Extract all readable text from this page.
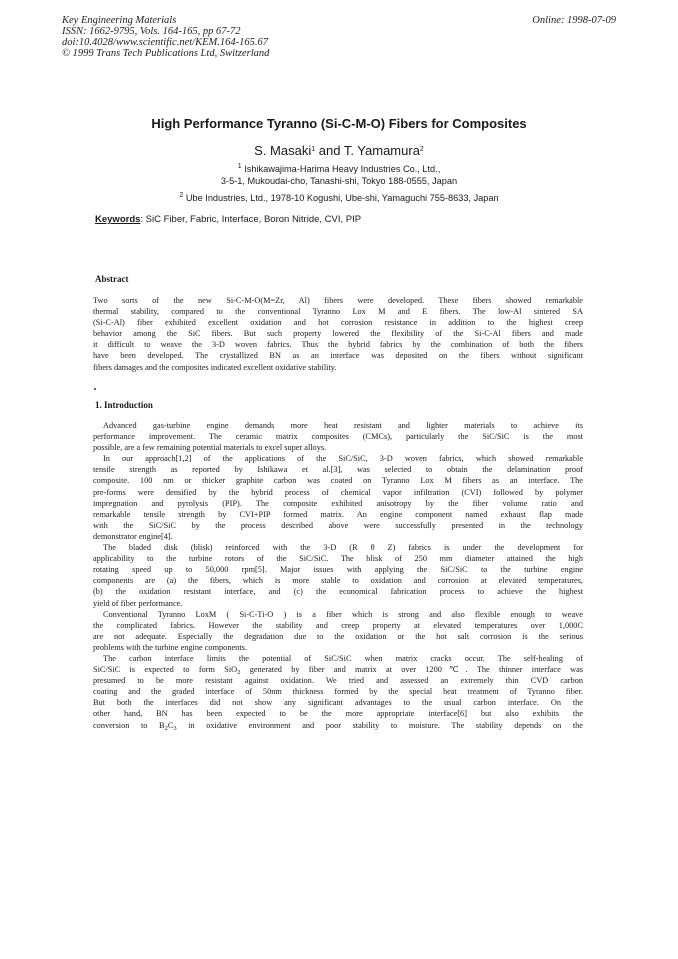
Key Engineering Materials
ISSN: 1662-9795, Vols. 164-165, pp 67-72
doi:10.4028/www.scientific.net/KEM.164-165.67
© 1999 Trans Tech Publications Ltd, Switzerland
Online: 1998-07-09
High Performance Tyranno (Si-C-M-O) Fibers for Composites
S. Masaki$^1$ and T. Yamamura$^2$
$^1$ Ishikawajima-Harima Heavy Industries Co., Ltd.,
3-5-1, Mukoudai-cho, Tanashi-shi, Tokyo 188-0555, Japan
$^2$ Ube Industries, Ltd., 1978-10 Kogushi, Ube-shi, Yamaguchi 755-8633, Japan
Keywords: SiC Fiber, Fabric, Interface, Boron Nitride, CVI, PIP
Abstract
Two sorts of the new Si-C-M-O(M=Zr, Al) fibers were developed. These fibers showed remarkable
thermal stability, compared to the conventional Tyranno Lox M and E fibers. The low-Al sintered SA
(Si-C-Al) fiber exhibited excellent oxidation and hot corrosion resistance in addition to the highest creep
behavior among the SiC fibers. But such property lowered the flexibility of the Si-C-Al fibers and made
it difficult to weave the 3-D woven fabrics. Thus the hybrid fabrics by the combination of both the fibers
have been developed. The crystallized BN as an interface was deposited on the fibers without significant
fibers damages and the composites indicated excellent oxidative stability.
1. Introduction
Advanced gas-turbine engine demands more heat resistant and lighter materials to achieve its
performance improvement. The ceramic matrix composites (CMCs), particularly the SiC/SiC is the most
possible, are a few remaining potential materials to excel super alloys.
In our approach[1,2] of the applications of the SiC/SiC, 3-D woven fabrics, which showed remarkable
tensile strength as reported by Ishikawa et al.[3], was selected to obtain the delamination proof
composite. 100 nm or thicker graphite carbon was coated on Tyranno Lox M fibers as an interface. The
pre-forms were densified by the hybrid process of chemical vapor infiltration (CVI) followed by polymer
impregnation and pyrolysis (PIP). The composite exhibited anisotropy by the fiber volume ratio and
remarkable tensile strength by CVI+PIP formed matrix. An engine component named exhaust flap made
with the SiC/SiC by the process described above were successfully presented in the technology
demonstrator engine[4].
The bladed disk (blisk) reinforced with the 3-D (R θ Z) fabrics is under the development for
applicability to the turbine rotors of the SiC/SiC. The blisk of 250 mm diameter attained the high
rotating speed up to 50,000 rpm[5]. Major issues with applying the SiC/SiC to the turbine engine
components are (a) the fibers, which is more stable to oxidation and corrosion at elevated temperatures,
(b) the oxidation resistant interface, and (c) the economical fabrication process to achieve the highest
yield of fiber performance.
Conventional Tyranno LoxM ( Si-C-Ti-O ) is a fiber which is strong and also flexible enough to weave
the complicated fabrics. However the stability and creep property at elevated temperatures over 1,000C
are not adequate. Especially the degradation due to the oxidation or the hot salt corrosion is the serious
problems with the turbine engine components.
The carbon interface limits the potential of SiC/SiC when matrix cracks occur. The self-healing of
SiC/SiC is expected to form SiO$_2$ generated by fiber and matrix at over 1200℃. The thinner interface was
presumed to be more resistant against oxidation. We tried and assessed an extremely thin CVD carbon
coating and the graded interface of 50nm thickness formed by the special heat treatment of Tyranno fiber.
But both the interfaces did not show any significant advantages to the usual carbon interface. On the
other hand, BN has been expected to be the more appropriate interface[6] but also exhibits the
conversion to $B_2C_3$ in oxidative environment and poor stability to moisture. The stability depends on the
